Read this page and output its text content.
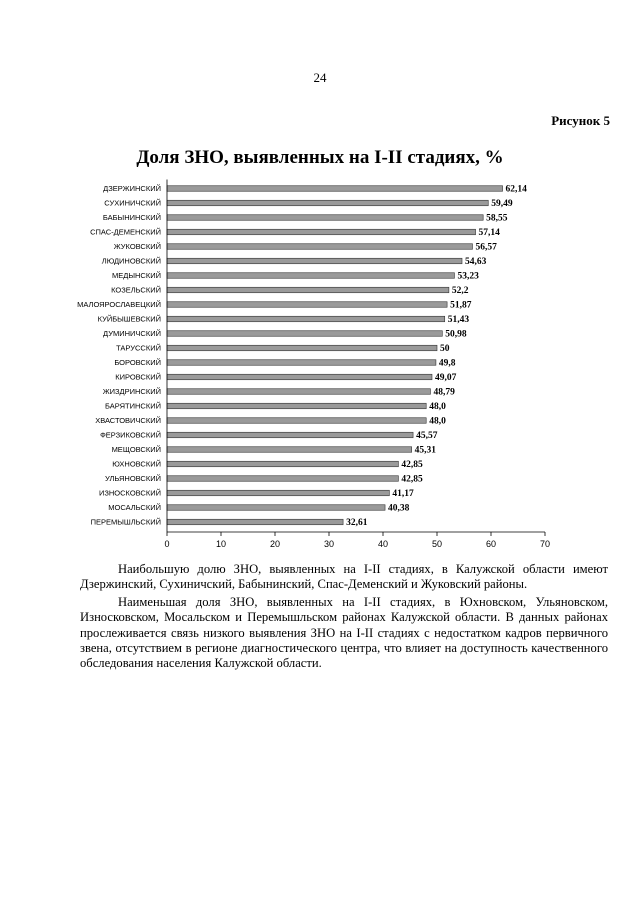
24
Рисунок 5
Доля ЗНО, выявленных на I-II стадиях, %
ДЗЕРЖИНСКИЙ	62,14
СУХИНИЧСКИЙ	59,49
БАБЫНИНСКИЙ	58,55
СПАС-ДЕМЕНСКИЙ	57,14
ЖУКОВСКИЙ	56,57
ЛЮДИНОВСКИЙ	54,63
МЕДЫНСКИЙ	53,23
КОЗЕЛЬСКИЙ	52,2
МАЛОЯРОСЛАВЕЦКИЙ	51,87
КУЙБЫШЕВСКИЙ	51,43
ДУМИНИЧСКИЙ	50,98
ТАРУССКИЙ	50
БОРОВСКИЙ	49,8
КИРОВСКИЙ	49,07
ЖИЗДРИНСКИЙ	48,79
БАРЯТИНСКИЙ	48,0
ХВАСТОВИЧСКИЙ	48,0
ФЕРЗИКОВСКИЙ	45,57
МЕЩОВСКИЙ	45,31
ЮХНОВСКИЙ	42,85
УЛЬЯНОВСКИЙ	42,85
ИЗНОСКОВСКИЙ	41,17
МОСАЛЬСКИЙ	40,38
ПЕРЕМЫШЛЬСКИЙ	32,61
0	10	20	30	40	50	60	70

Наибольшую долю ЗНО, выявленных на I-II стадиях, в Калужской области имеют Дзержинский, Сухиничский, Бабынинский, Спас-Деменский и Жуковский районы.

Наименьшая доля ЗНО, выявленных на I-II стадиях, в Юхновском, Ульяновском, Износковском, Мосальском и Перемышльском районах Калужской области. В данных районах прослеживается связь низкого выявления ЗНО на I-II стадиях с недостатком кадров первичного звена, отсутствием в регионе диагностического центра, что влияет на доступность качественного обследования населения Калужской области.
